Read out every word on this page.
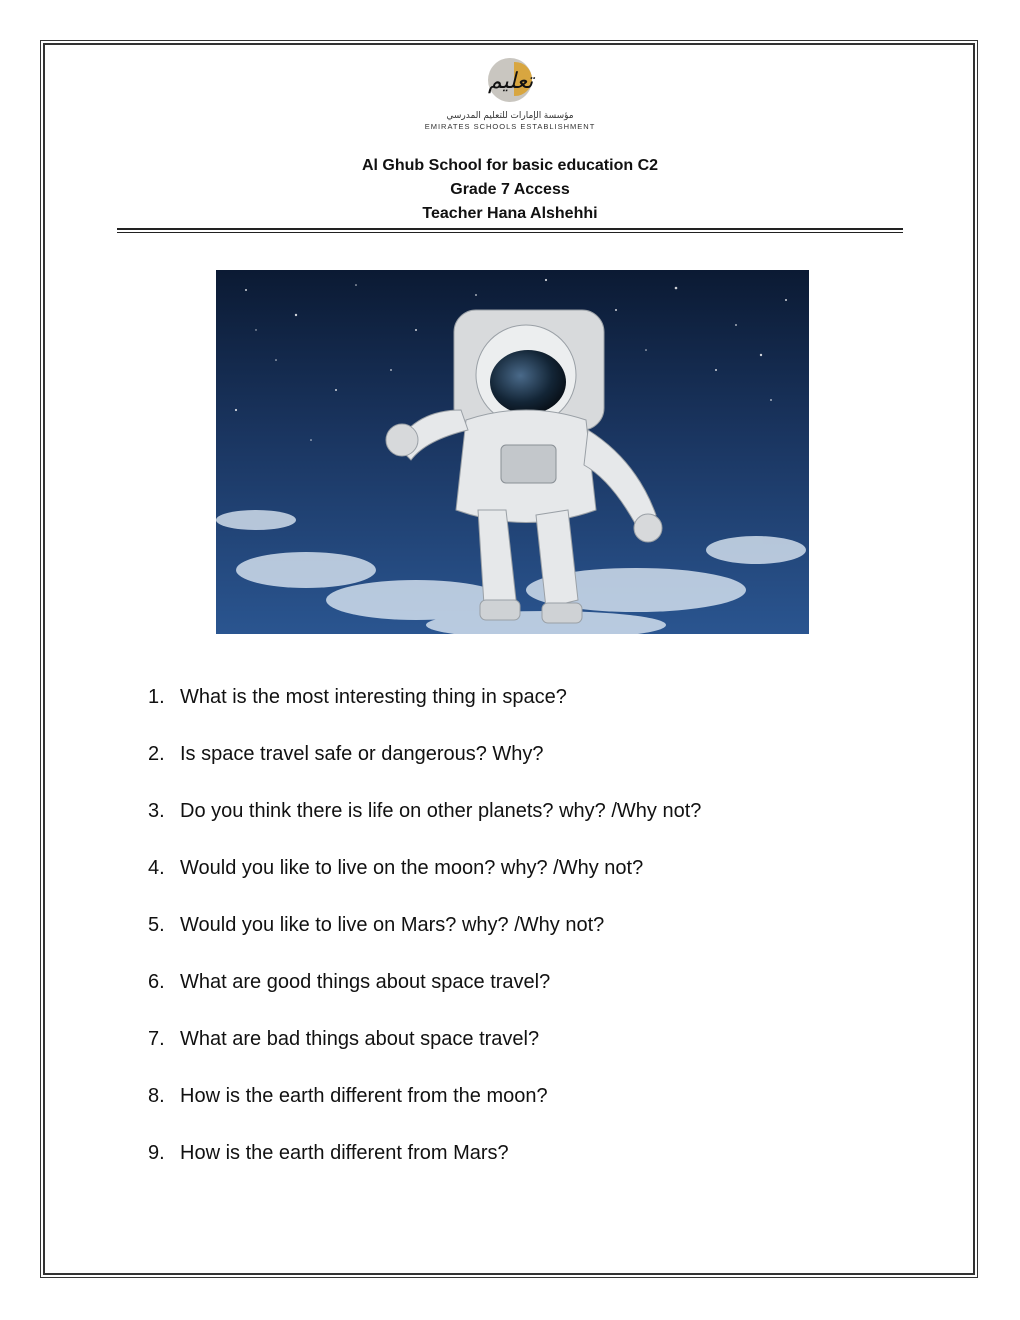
تعليم
مؤسسة الإمارات للتعليم المدرسي
EMIRATES SCHOOLS ESTABLISHMENT
Al Ghub School for basic education C2
Grade 7 Access
Teacher Hana Alshehhi
1. What is the most interesting thing in space?
2. Is space travel safe or dangerous? Why?
3. Do you think there is life on other planets? why? /Why not?
4. Would you like to live on the moon? why? /Why not?
5. Would you like to live on Mars? why? /Why not?
6. What are good things about space travel?
7. What are bad things about space travel?
8. How is the earth different from the moon?
9. How is the earth different from Mars?
